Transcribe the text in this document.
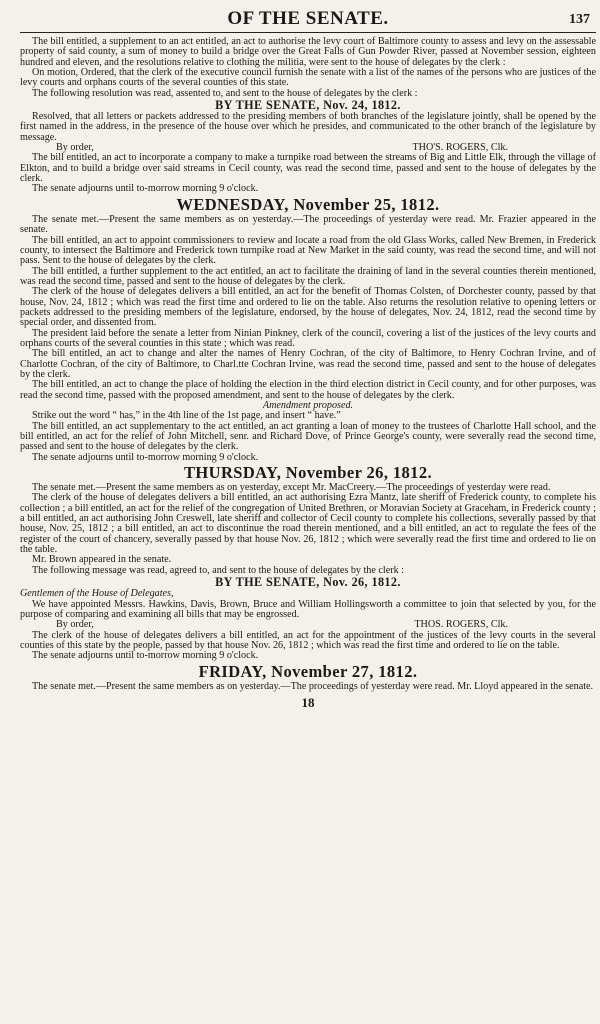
OF THE SENATE.	137

The bill entitled, a supplement to an act entitled, an act to authorise the levy court of Baltimore county to assess and levy on the assessable property of said county, a sum of money to build a bridge over the Great Falls of Gun Powder River, passed at November session, eighteen hundred and eleven, and the resolutions relative to clothing the militia, were sent to the house of delegates by the clerk :

On motion, Ordered, that the clerk of the executive council furnish the senate with a list of the names of the persons who are justices of the levy courts and orphans courts of the several counties of this state.

The following resolution was read, assented to, and sent to the house of delegates by the clerk :

BY THE SENATE, Nov. 24, 1812.

Resolved, that all letters or packets addressed to the presiding members of both branches of the legislature jointly, shall be opened by the first named in the address, in the presence of the house over which he presides, and communicated to the other branch of the legislature by message.

By order,	THO'S. ROGERS, Clk.

The bill entitled, an act to incorporate a company to make a turnpike road between the streams of Big and Little Elk, through the village of Elkton, and to build a bridge over said streams in Cecil county, was read the second time, passed and sent to the house of delegates by the clerk.

The senate adjourns until to-morrow morning 9 o'clock.

WEDNESDAY, November 25, 1812.

The senate met.—Present the same members as on yesterday.—The proceedings of yesterday were read. Mr. Frazier appeared in the senate.

The bill entitled, an act to appoint commissioners to review and locate a road from the old Glass Works, called New Bremen, in Frederick county, to intersect the Baltimore and Frederick town turnpike road at New Market in the said county, was read the second time, and will not pass. Sent to the house of delegates by the clerk.

The bill entitled, a further supplement to the act entitled, an act to facilitate the draining of land in the several counties therein mentioned, was read the second time, passed and sent to the house of delegates by the clerk.

The clerk of the house of delegates delivers a bill entitled, an act for the benefit of Thomas Colsten, of Dorchester county, passed by that house, Nov. 24, 1812 ; which was read the first time and ordered to lie on the table. Also returns the resolution relative to opening letters or packets addressed to the presiding members of the legislature, endorsed, by the house of delegates, Nov. 24, 1812, read the second time by special order, and dissented from.

The president laid before the senate a letter from Ninian Pinkney, clerk of the council, covering a list of the justices of the levy courts and orphans courts of the several counties in this state ; which was read.

The bill entitled, an act to change and alter the names of Henry Cochran, of the city of Baltimore, to Henry Cochran Irvine, and of Charlotte Cochran, of the city of Baltimore, to Charl.tte Cochran Irvine, was read the second time, passed and sent to the house of delegates by the clerk.

The bill entitled, an act to change the place of holding the election in the third election district in Cecil county, and for other purposes, was read the second time, passed with the proposed amendment, and sent to the house of delegates by the clerk.

Amendment proposed.

Strike out the word “ has,” in the 4th line of the 1st page, and insert “ have.”

The bill entitled, an act supplementary to the act entitled, an act granting a loan of money to the trustees of Charlotte Hall school, and the bill entitled, an act for the relief of John Mitchell, senr. and Richard Dove, of Prince George's county, were severally read the second time, passed and sent to the house of delegates by the clerk.

The senate adjourns until to-morrow morning 9 o'clock.

THURSDAY, November 26, 1812.

The senate met.—Present the same members as on yesterday, except Mr. MacCreery.—The proceedings of yesterday were read.

The clerk of the house of delegates delivers a bill entitled, an act authorising Ezra Mantz, late sheriff of Frederick county, to complete his collection ; a bill entitled, an act for the relief of the congregation of United Brethren, or Moravian Society at Graceham, in Frederick county ; a bill entitled, an act authorising John Creswell, late sheriff and collector of Cecil county to complete his collections, severally passed by that house, Nov. 25, 1812 ; a bill entitled, an act to discontinue the road therein mentioned, and a bill entitled, an act to regulate the fees of the register of the court of chancery, severally passed by that house Nov. 26, 1812 ; which were severally read the first time and ordered to lie on the table.

Mr. Brown appeared in the senate.

The following message was read, agreed to, and sent to the house of delegates by the clerk :

BY THE SENATE, Nov. 26, 1812.

Gentlemen of the House of Delegates,

We have appointed Messrs. Hawkins, Davis, Brown, Bruce and William Hollingsworth a committee to join that selected by you, for the purpose of comparing and examining all bills that may be engrossed.

By order,	THOS. ROGERS, Clk.

The clerk of the house of delegates delivers a bill entitled, an act for the appointment of the justices of the levy courts in the several counties of this state by the people, passed by that house Nov. 26, 1812 ; which was read the first time and ordered to lie on the table.

The senate adjourns until to-morrow morning 9 o'clock.

FRIDAY, November 27, 1812.

The senate met.—Present the same members as on yesterday.—The proceedings of yesterday were read. Mr. Lloyd appeared in the senate.

18
